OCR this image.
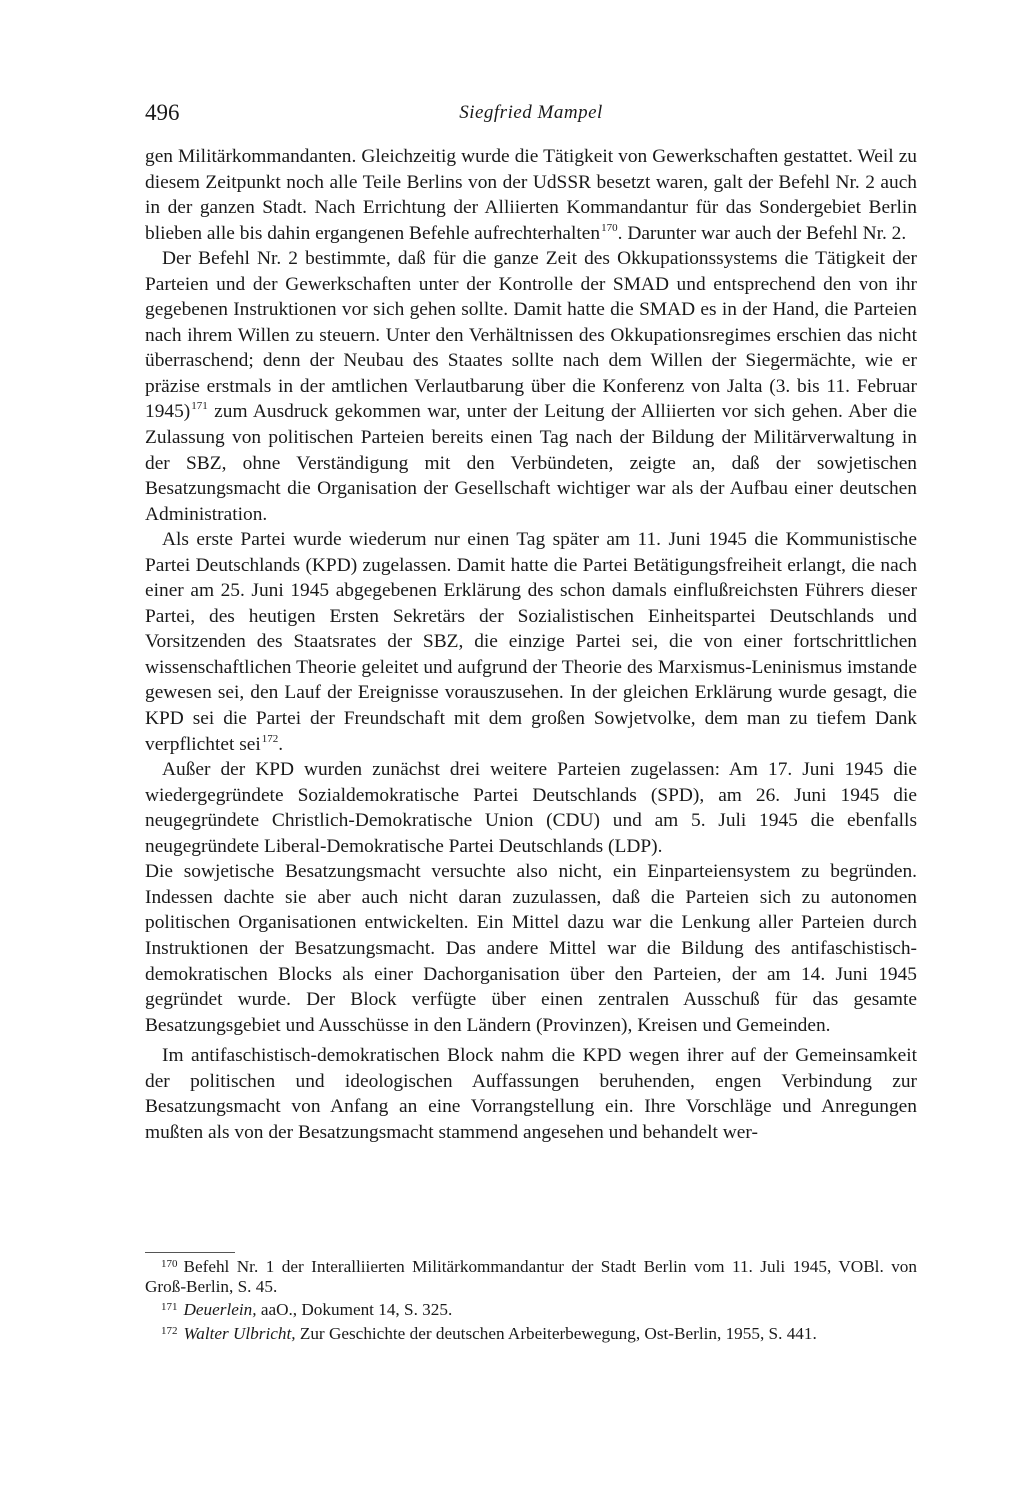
496	Siegfried Mampel

gen Militärkommandanten. Gleichzeitig wurde die Tätigkeit von Gewerkschaften gestattet. Weil zu diesem Zeitpunkt noch alle Teile Berlins von der UdSSR besetzt waren, galt der Befehl Nr. 2 auch in der ganzen Stadt. Nach Errichtung der Alliierten Kommandantur für das Sondergebiet Berlin blieben alle bis dahin ergangenen Befehle aufrechterhalten$^{170}$. Darunter war auch der Befehl Nr. 2.

Der Befehl Nr. 2 bestimmte, daß für die ganze Zeit des Okkupationssystems die Tätigkeit der Parteien und der Gewerkschaften unter der Kontrolle der SMAD und entsprechend den von ihr gegebenen Instruktionen vor sich gehen sollte. Damit hatte die SMAD es in der Hand, die Parteien nach ihrem Willen zu steuern. Unter den Verhältnissen des Okkupationsregimes erschien das nicht überraschend; denn der Neubau des Staates sollte nach dem Willen der Siegermächte, wie er präzise erstmals in der amtlichen Verlautbarung über die Konferenz von Jalta (3. bis 11. Februar 1945)$^{171}$ zum Ausdruck gekommen war, unter der Leitung der Alliierten vor sich gehen. Aber die Zulassung von politischen Parteien bereits einen Tag nach der Bildung der Militärverwaltung in der SBZ, ohne Verständigung mit den Verbündeten, zeigte an, daß der sowjetischen Besatzungsmacht die Organisation der Gesellschaft wichtiger war als der Aufbau einer deutschen Administration.

Als erste Partei wurde wiederum nur einen Tag später am 11. Juni 1945 die Kommunistische Partei Deutschlands (KPD) zugelassen. Damit hatte die Partei Betätigungsfreiheit erlangt, die nach einer am 25. Juni 1945 abgegebenen Erklärung des schon damals einflußreichsten Führers dieser Partei, des heutigen Ersten Sekretärs der Sozialistischen Einheitspartei Deutschlands und Vorsitzenden des Staatsrates der SBZ, die einzige Partei sei, die von einer fortschrittlichen wissenschaftlichen Theorie geleitet und aufgrund der Theorie des Marxismus-Leninismus imstande gewesen sei, den Lauf der Ereignisse vorauszusehen. In der gleichen Erklärung wurde gesagt, die KPD sei die Partei der Freundschaft mit dem großen Sowjetvolke, dem man zu tiefem Dank verpflichtet sei$^{172}$.

Außer der KPD wurden zunächst drei weitere Parteien zugelassen: Am 17. Juni 1945 die wiedergegründete Sozialdemokratische Partei Deutschlands (SPD), am 26. Juni 1945 die neugegründete Christlich-Demokratische Union (CDU) und am 5. Juli 1945 die ebenfalls neugegründete Liberal-Demokratische Partei Deutschlands (LDP).

Die sowjetische Besatzungsmacht versuchte also nicht, ein Einparteiensystem zu begründen. Indessen dachte sie aber auch nicht daran zuzulassen, daß die Parteien sich zu autonomen politischen Organisationen entwickelten. Ein Mittel dazu war die Lenkung aller Parteien durch Instruktionen der Besatzungsmacht. Das andere Mittel war die Bildung des antifaschistisch-demokratischen Blocks als einer Dachorganisation über den Parteien, der am 14. Juni 1945 gegründet wurde. Der Block verfügte über einen zentralen Ausschuß für das gesamte Besatzungsgebiet und Ausschüsse in den Ländern (Provinzen), Kreisen und Gemeinden.

Im antifaschistisch-demokratischen Block nahm die KPD wegen ihrer auf der Gemeinsamkeit der politischen und ideologischen Auffassungen beruhenden, engen Verbindung zur Besatzungsmacht von Anfang an eine Vorrangstellung ein. Ihre Vorschläge und Anregungen mußten als von der Besatzungsmacht stammend angesehen und behandelt wer-

$^{170}$ Befehl Nr. 1 der Interalliierten Militärkommandantur der Stadt Berlin vom 11. Juli 1945, VOBl. von Groß-Berlin, S. 45.
$^{171}$ Deuerlein, aaO., Dokument 14, S. 325.
$^{172}$ Walter Ulbricht, Zur Geschichte der deutschen Arbeiterbewegung, Ost-Berlin, 1955, S. 441.
